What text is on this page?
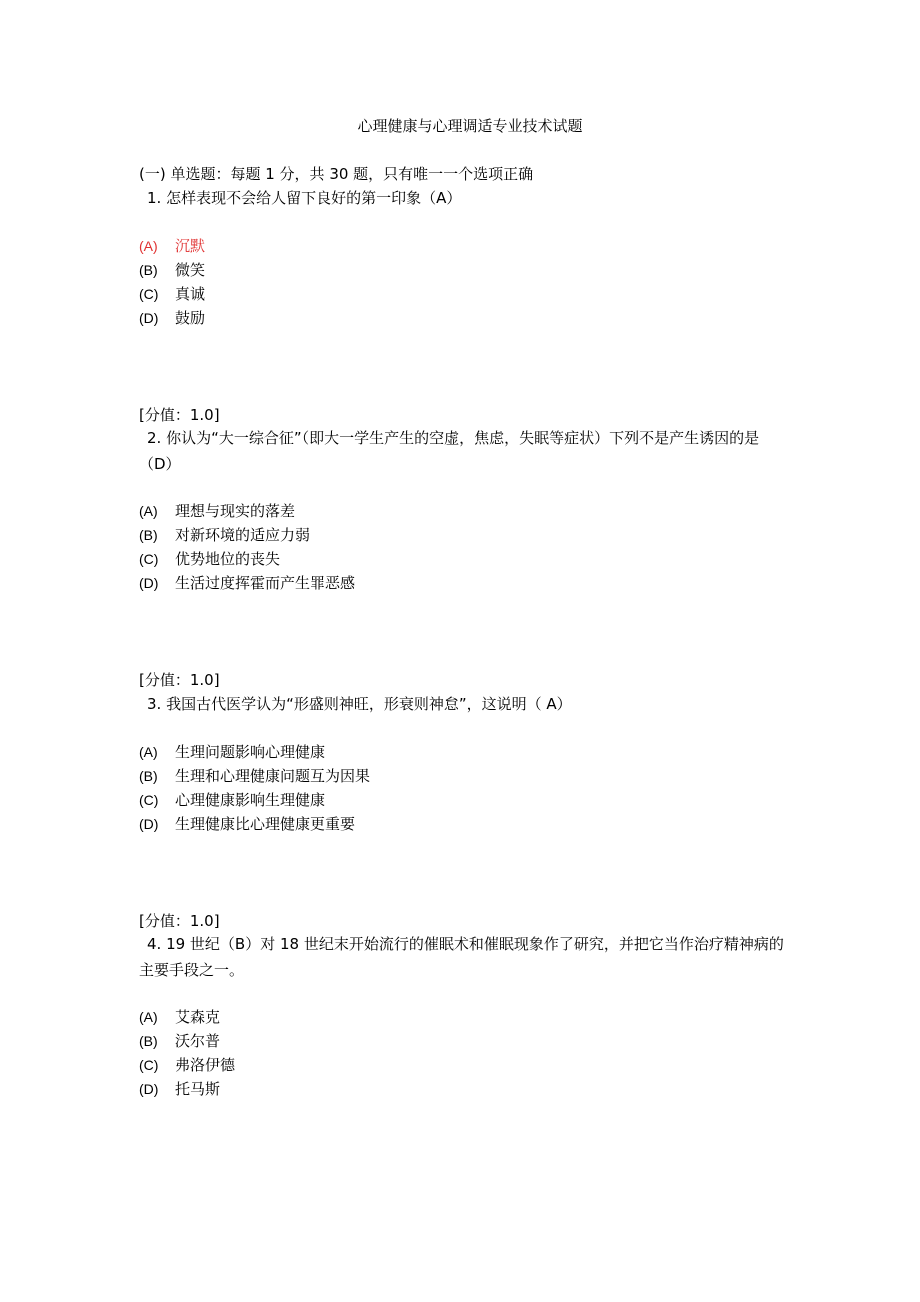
心理健康与心理调适专业技术试题
(一) 单选题：每题 1 分，共 30 题，只有唯一一个选项正确
1. 怎样表现不会给人留下良好的第一印象（A）
(A) 沉默
(B) 微笑
(C) 真诚
(D) 鼓励
[分值：1.0]
2. 你认为“大一综合征”（即大一学生产生的空虚，焦虑，失眠等症状）下列不是产生诱因的是（D）
(A) 理想与现实的落差
(B) 对新环境的适应力弱
(C) 优势地位的丧失
(D) 生活过度挥霍而产生罪恶感
[分值：1.0]
3. 我国古代医学认为“形盛则神旺，形衰则神怠”，这说明（ A）
(A) 生理问题影响心理健康
(B) 生理和心理健康问题互为因果
(C) 心理健康影响生理健康
(D) 生理健康比心理健康更重要
[分值：1.0]
4. 19 世纪（B）对 18 世纪末开始流行的催眠术和催眠现象作了研究，并把它当作治疗精神病的主要手段之一。
(A) 艾森克
(B) 沃尔普
(C) 弗洛伊德
(D) 托马斯
